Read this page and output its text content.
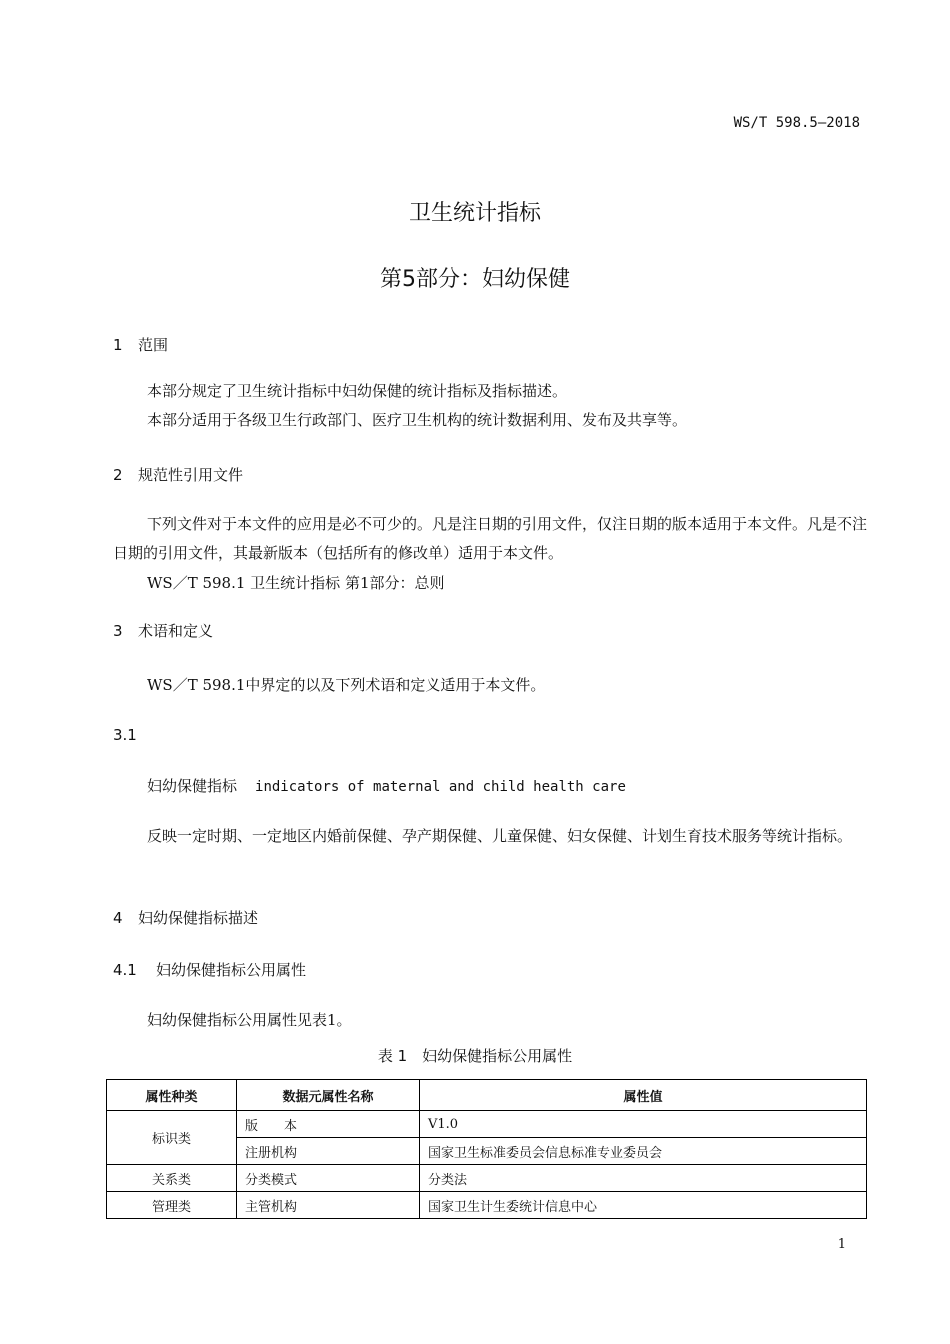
WS/T 598.5—2018
卫生统计指标
第5部分：妇幼保健
1 范围
本部分规定了卫生统计指标中妇幼保健的统计指标及指标描述。
本部分适用于各级卫生行政部门、医疗卫生机构的统计数据利用、发布及共享等。
2 规范性引用文件
下列文件对于本文件的应用是必不可少的。凡是注日期的引用文件，仅注日期的版本适用于本文件。凡是不注日期的引用文件，其最新版本（包括所有的修改单）适用于本文件。
WS／T 598.1 卫生统计指标 第1部分：总则
3 术语和定义
WS／T 598.1中界定的以及下列术语和定义适用于本文件。
3.1
妇幼保健指标 indicators of maternal and child health care
反映一定时期、一定地区内婚前保健、孕产期保健、儿童保健、妇女保健、计划生育技术服务等统计指标。
4 妇幼保健指标描述
4.1 妇幼保健指标公用属性
妇幼保健指标公用属性见表1。
表 1　妇幼保健指标公用属性
属性种类	数据元属性名称	属性值
标识类	版　　本	V1.0
	注册机构	国家卫生标准委员会信息标准专业委员会
关系类	分类模式	分类法
管理类	主管机构	国家卫生计生委统计信息中心
1
